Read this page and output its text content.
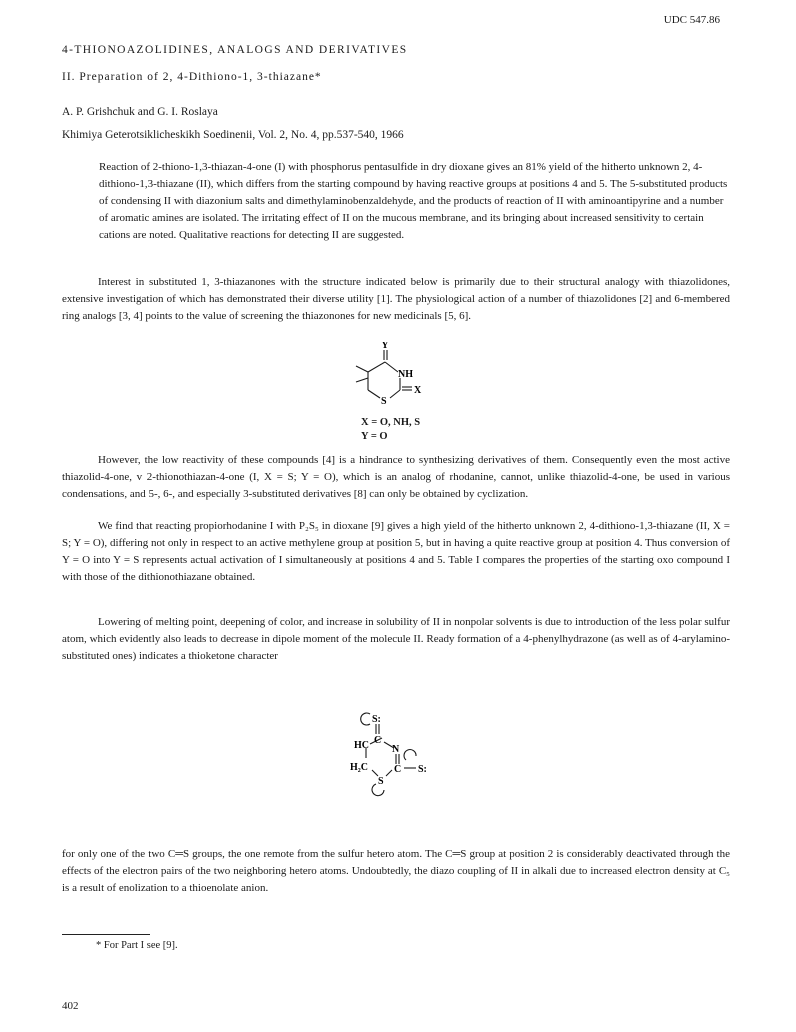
UDC 547.86
4-THIONOAZOLIDINES, ANALOGS AND DERIVATIVES
II. Preparation of 2, 4-Dithiono-1, 3-thiazane*
A. P. Grishchuk and G. I. Roslaya
Khimiya Geterotsiklicheskikh Soedinenii, Vol. 2, No. 4, pp.537-540, 1966

Reaction of 2-thiono-1,3-thiazan-4-one (I) with phosphorus pentasulfide in dry dioxane gives an 81% yield of the hitherto unknown 2, 4-dithiono-1,3-thiazane (II), which differs from the starting compound by having reactive groups at positions 4 and 5. The 5-substituted products of condensing II with diazonium salts and dimethylaminobenzaldehyde, and the products of reaction of II with aminoantipyrine and a number of aromatic amines are isolated. The irritating effect of II on the mucous membrane, and its bringing about increased sensitivity to certain cations are noted. Qualitative reactions for detecting II are suggested.

Interest in substituted 1, 3-thiazanones with the structure indicated below is primarily due to their structural analogy with thiazolidones, extensive investigation of which has demonstrated their diverse utility [1]. The physiological action of a number of thiazolidones [2] and 6-membered ring analogs [3, 4] points to the value of screening the thiazonones for new medicinals [5, 6].

Y
NH
X
S
X = O, NH, S
Y = O

However, the low reactivity of these compounds [4] is a hindrance to synthesizing derivatives of them. Consequently even the most active thiazolid-4-one, v 2-thionothiazan-4-one (I, X = S; Y = O), which is an analog of rhodanine, cannot, unlike thiazolid-4-one, be used in various condensations, and 5-, 6-, and especially 3-substituted derivatives [8] can only be obtained by cyclization.

We find that reacting propiorhodanine I with P₂S₅ in dioxane [9] gives a high yield of the hitherto unknown 2, 4-dithiono-1,3-thiazane (II, X = S; Y = O), differing not only in respect to an active methylene group at position 5, but in having a quite reactive group at position 4. Thus conversion of Y = O into Y = S represents actual activation of I simultaneously at positions 4 and 5. Table I compares the properties of the starting oxo compound I with those of the dithionothiazane obtained.

Lowering of melting point, deepening of color, and increase in solubility of II in nonpolar solvents is due to introduction of the less polar sulfur atom, which evidently also leads to decrease in dipole moment of the molecule II. Ready formation of a 4-phenylhydrazone (as well as of 4-arylamino-substituted ones) indicates a thioketone character

S:
C
HC N
H₂C	C S:
S

for only one of the two C═S groups, the one remote from the sulfur hetero atom. The C═S group at position 2 is considerably deactivated through the effects of the electron pairs of the two neighboring hetero atoms. Undoubtedly, the diazo coupling of II in alkali due to increased electron density at C₅ is a result of enolization to a thioenolate anion.

* For Part I see [9].
402
